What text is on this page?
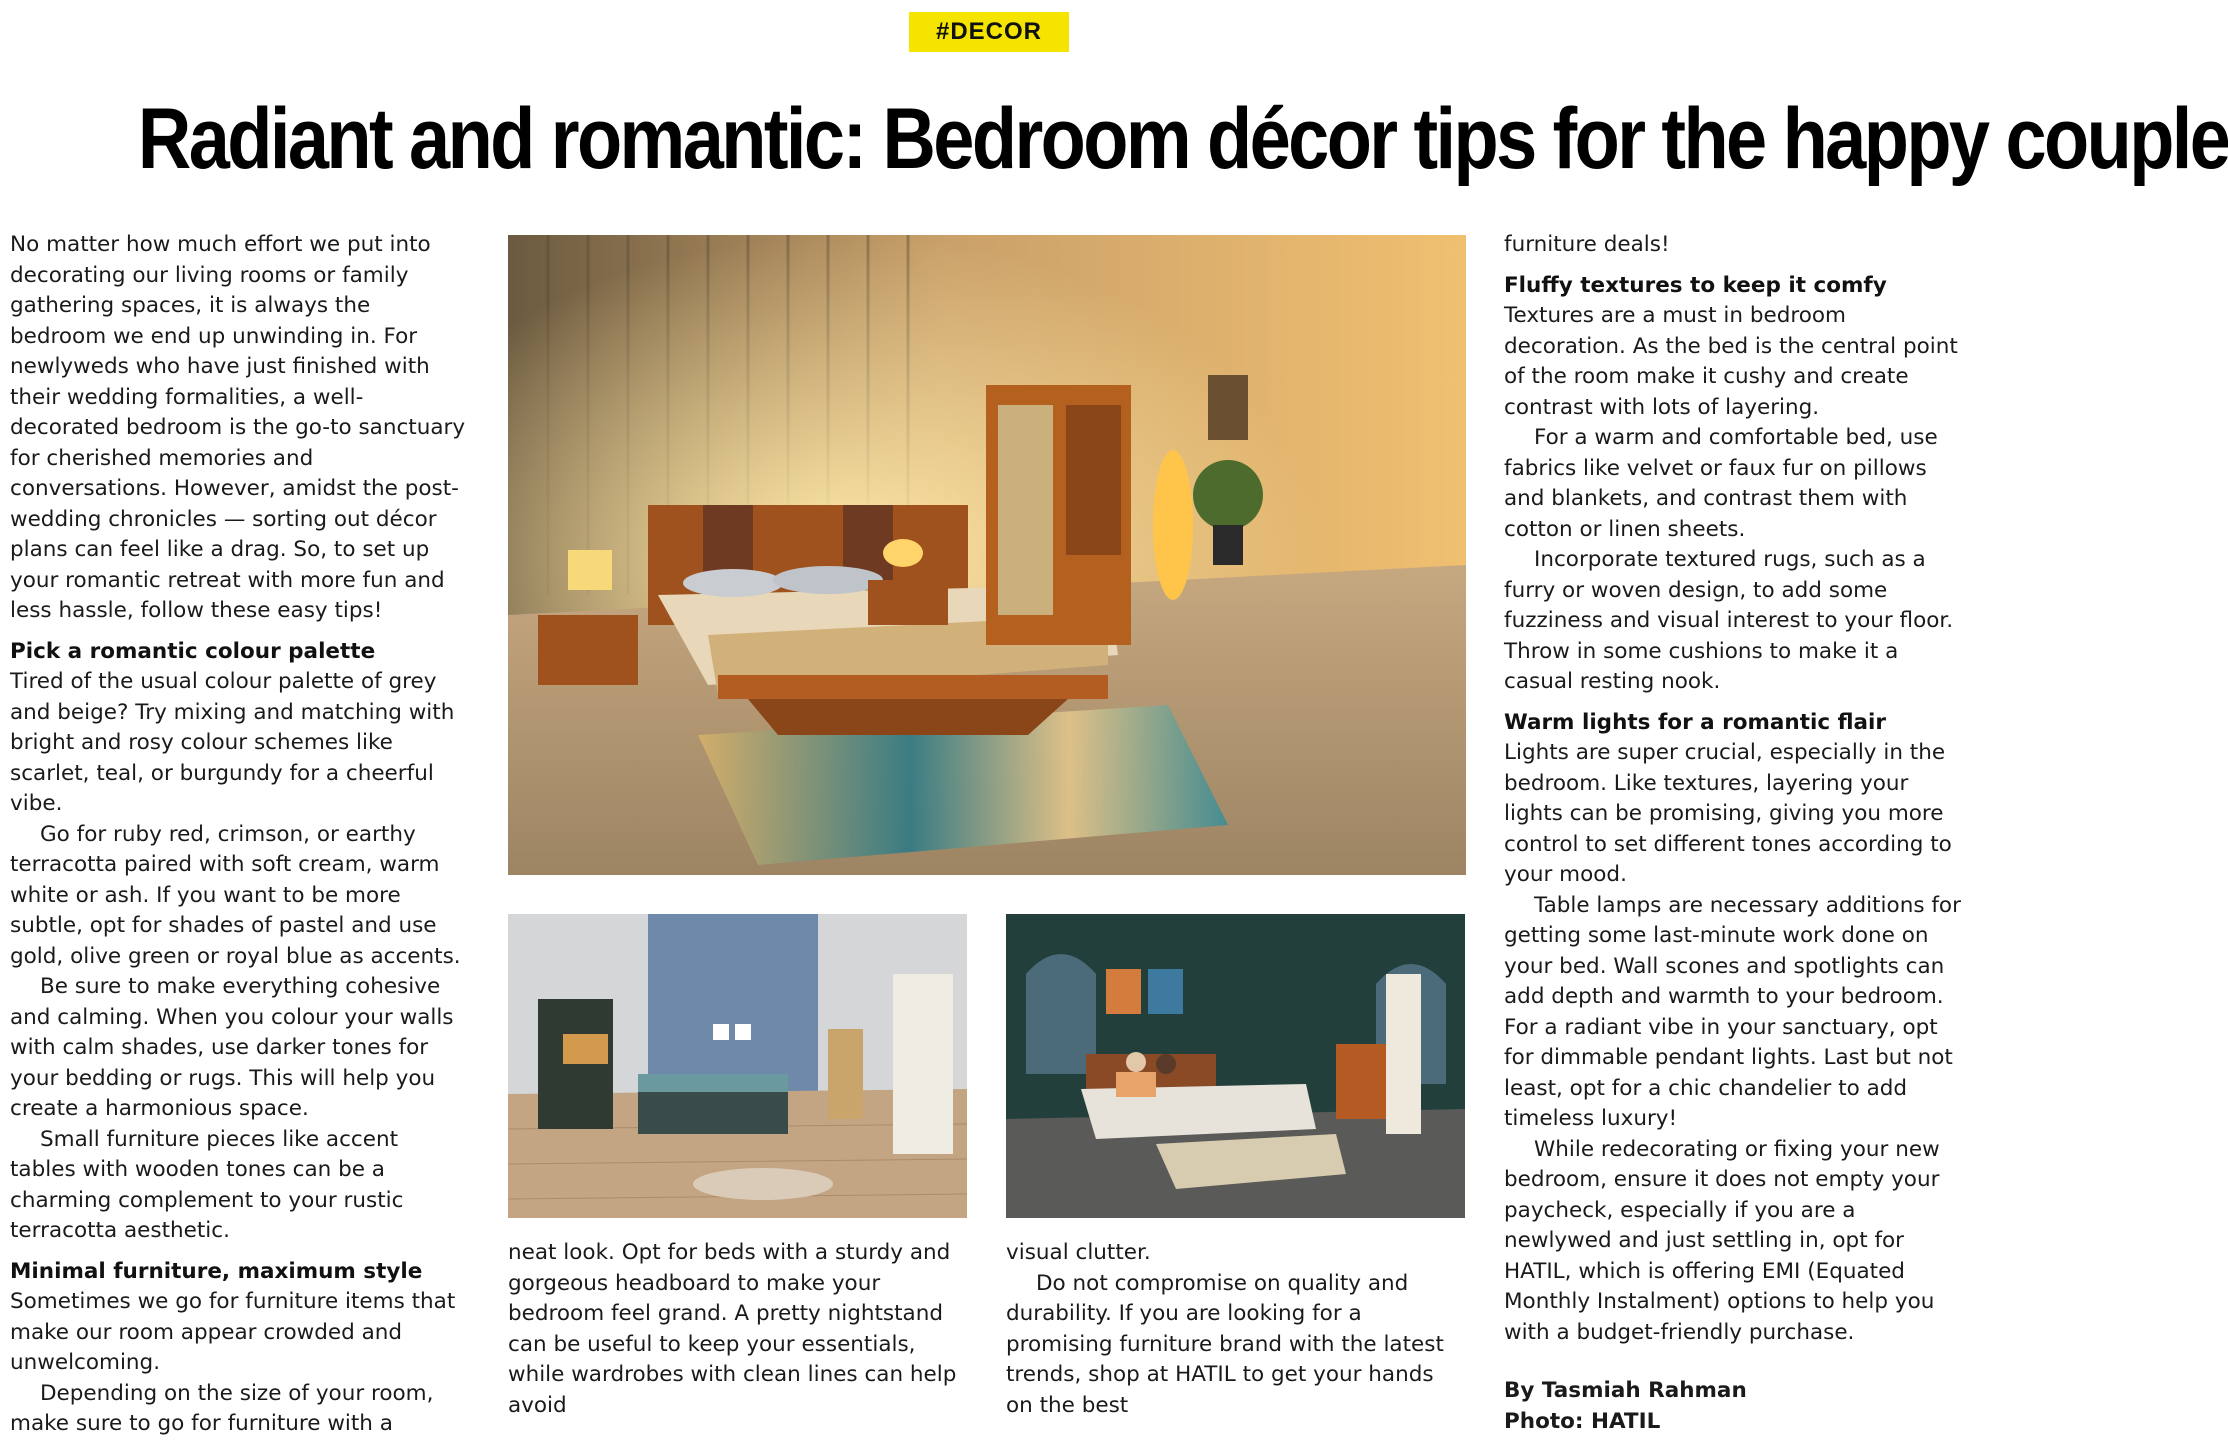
#DECOR
Radiant and romantic: Bedroom décor tips for the happy couple

No matter how much effort we put into decorating our living rooms or family gathering spaces, it is always the bedroom we end up unwinding in. For newlyweds who have just finished with their wedding formalities, a well-decorated bedroom is the go-to sanctuary for cherished memories and conversations. However, amidst the post-wedding chronicles — sorting out décor plans can feel like a drag. So, to set up your romantic retreat with more fun and less hassle, follow these easy tips!

Pick a romantic colour palette

Tired of the usual colour palette of grey and beige? Try mixing and matching with bright and rosy colour schemes like scarlet, teal, or burgundy for a cheerful vibe.

Go for ruby red, crimson, or earthy terracotta paired with soft cream, warm white or ash. If you want to be more subtle, opt for shades of pastel and use gold, olive green or royal blue as accents.

Be sure to make everything cohesive and calming. When you colour your walls with calm shades, use darker tones for your bedding or rugs. This will help you create a harmonious space.

Small furniture pieces like accent tables with wooden tones can be a charming complement to your rustic terracotta aesthetic.

Minimal furniture, maximum style

Sometimes we go for furniture items that make our room appear crowded and unwelcoming.

Depending on the size of your room, make sure to go for furniture with a

neat look. Opt for beds with a sturdy and gorgeous headboard to make your bedroom feel grand. A pretty nightstand can be useful to keep your essentials, while wardrobes with clean lines can help avoid

visual clutter.

Do not compromise on quality and durability. If you are looking for a promising furniture brand with the latest trends, shop at HATIL to get your hands on the best

furniture deals!

Fluffy textures to keep it comfy

Textures are a must in bedroom decoration. As the bed is the central point of the room make it cushy and create contrast with lots of layering.

For a warm and comfortable bed, use fabrics like velvet or faux fur on pillows and blankets, and contrast them with cotton or linen sheets.

Incorporate textured rugs, such as a furry or woven design, to add some fuzziness and visual interest to your floor. Throw in some cushions to make it a casual resting nook.

Warm lights for a romantic flair

Lights are super crucial, especially in the bedroom. Like textures, layering your lights can be promising, giving you more control to set different tones according to your mood.

Table lamps are necessary additions for getting some last-minute work done on your bed. Wall scones and spotlights can add depth and warmth to your bedroom. For a radiant vibe in your sanctuary, opt for dimmable pendant lights. Last but not least, opt for a chic chandelier to add timeless luxury!

While redecorating or fixing your new bedroom, ensure it does not empty your paycheck, especially if you are a newlywed and just settling in, opt for HATIL, which is offering EMI (Equated Monthly Instalment) options to help you with a budget-friendly purchase.

By Tasmiah Rahman

Photo: HATIL
